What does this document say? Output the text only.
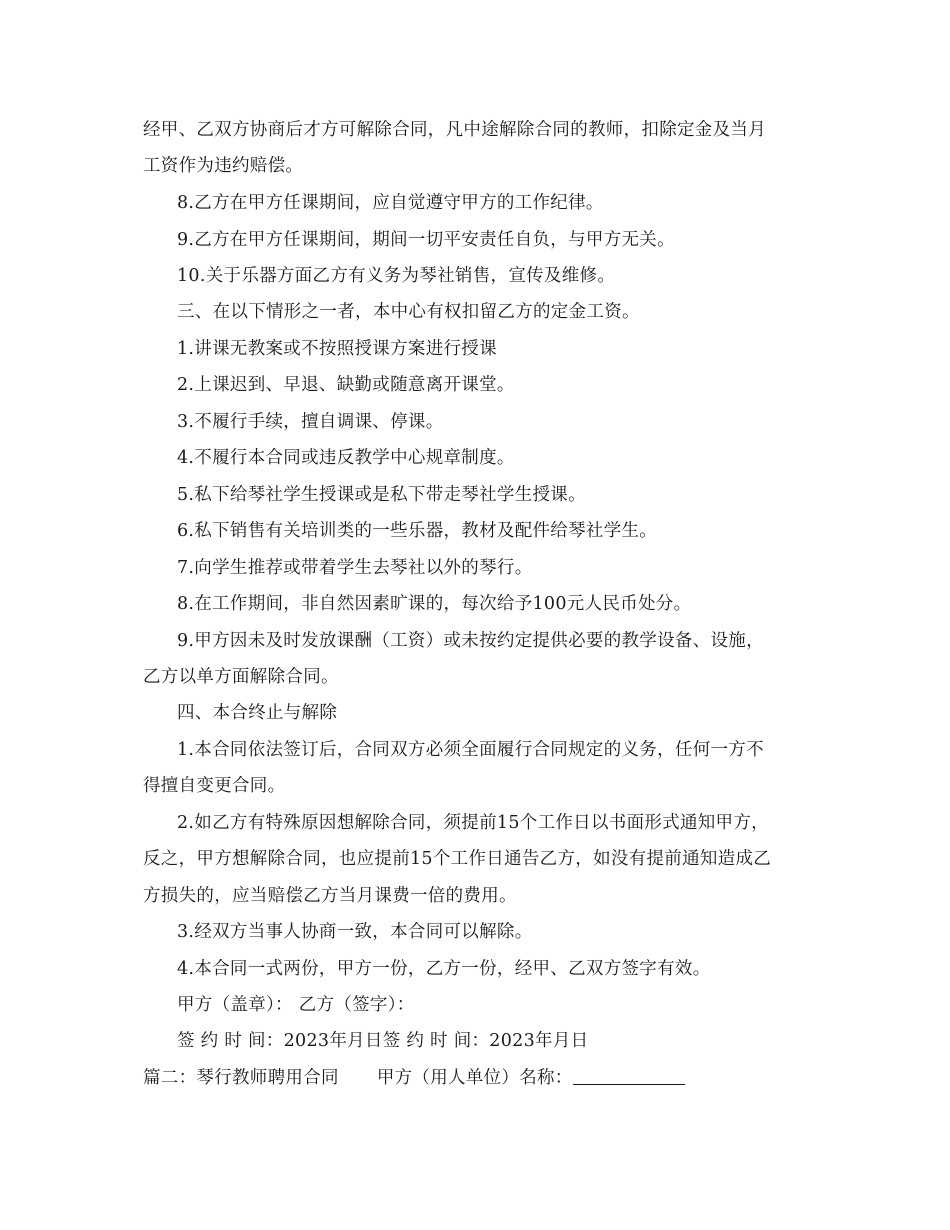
经甲、乙双方协商后才方可解除合同，凡中途解除合同的教师，扣除定金及当月
工资作为违约赔偿。
8.乙方在甲方任课期间，应自觉遵守甲方的工作纪律。
9.乙方在甲方任课期间，期间一切平安责任自负，与甲方无关。
10.关于乐器方面乙方有义务为琴社销售，宣传及维修。
三、在以下情形之一者，本中心有权扣留乙方的定金工资。
1.讲课无教案或不按照授课方案进行授课
2.上课迟到、早退、缺勤或随意离开课堂。
3.不履行手续，擅自调课、停课。
4.不履行本合同或违反教学中心规章制度。
5.私下给琴社学生授课或是私下带走琴社学生授课。
6.私下销售有关培训类的一些乐器，教材及配件给琴社学生。
7.向学生推荐或带着学生去琴社以外的琴行。
8.在工作期间，非自然因素旷课的，每次给予100元人民币处分。
9.甲方因未及时发放课酬（工资）或未按约定提供必要的教学设备、设施，
乙方以单方面解除合同。
四、本合终止与解除
1.本合同依法签订后，合同双方必须全面履行合同规定的义务，任何一方不
得擅自变更合同。
2.如乙方有特殊原因想解除合同，须提前15个工作日以书面形式通知甲方，
反之，甲方想解除合同，也应提前15个工作日通告乙方，如没有提前通知造成乙
方损失的，应当赔偿乙方当月课费一倍的费用。
3.经双方当事人协商一致，本合同可以解除。
4.本合同一式两份，甲方一份，乙方一份，经甲、乙双方签字有效。
甲方（盖章）： 乙方（签字）：
签 约 时 间：2023年月日签 约 时 间：2023年月日
篇二：琴行教师聘用合同 甲方（用人单位）名称：
